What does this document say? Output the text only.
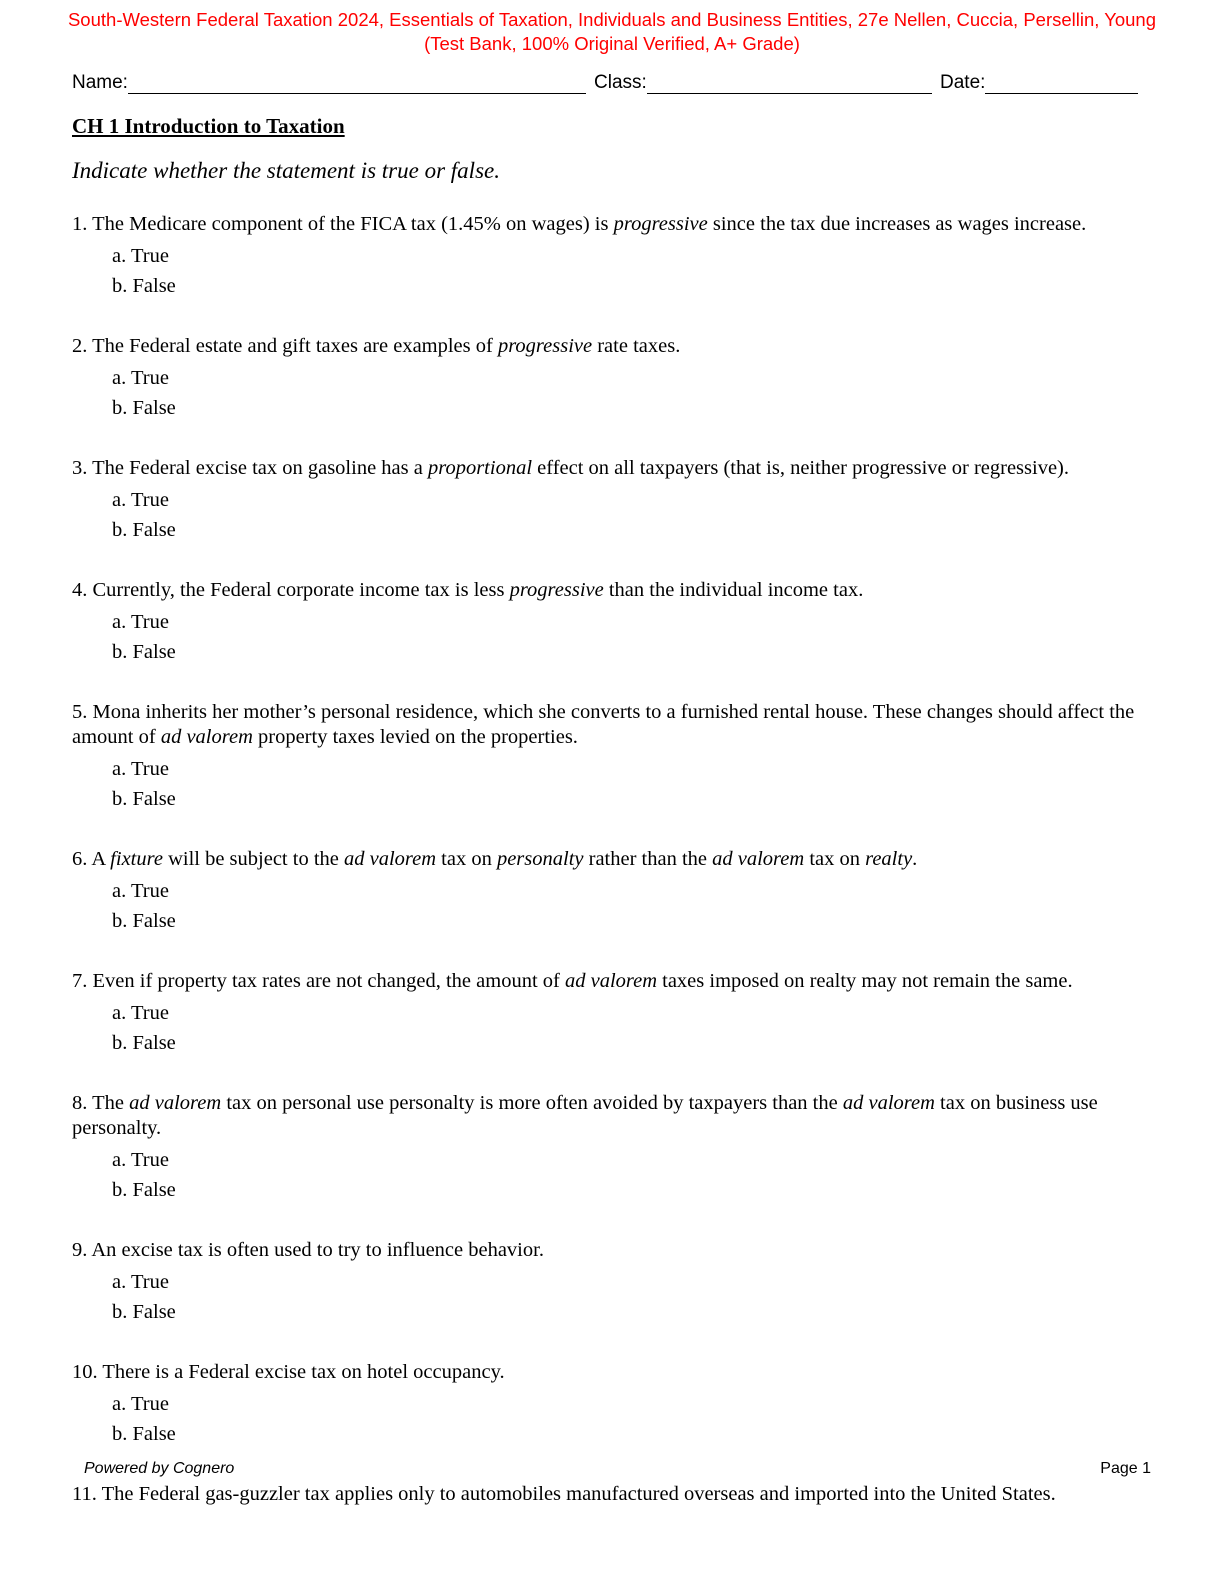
South-Western Federal Taxation 2024, Essentials of Taxation, Individuals and Business Entities, 27e Nellen, Cuccia, Persellin, Young
(Test Bank, 100% Original Verified, A+ Grade)
Name:	Class:	Date:
CH 1 Introduction to Taxation
Indicate whether the statement is true or false.
1. The Medicare component of the FICA tax (1.45% on wages) is progressive since the tax due increases as wages increase.
a. True
b. False
2. The Federal estate and gift taxes are examples of progressive rate taxes.
a. True
b. False
3. The Federal excise tax on gasoline has a proportional effect on all taxpayers (that is, neither progressive or regressive).
a. True
b. False
4. Currently, the Federal corporate income tax is less progressive than the individual income tax.
a. True
b. False
5. Mona inherits her mother’s personal residence, which she converts to a furnished rental house. These changes should affect the amount of ad valorem property taxes levied on the properties.
a. True
b. False
6. A fixture will be subject to the ad valorem tax on personalty rather than the ad valorem tax on realty.
a. True
b. False
7. Even if property tax rates are not changed, the amount of ad valorem taxes imposed on realty may not remain the same.
a. True
b. False
8. The ad valorem tax on personal use personalty is more often avoided by taxpayers than the ad valorem tax on business use personalty.
a. True
b. False
9. An excise tax is often used to try to influence behavior.
a. True
b. False
10. There is a Federal excise tax on hotel occupancy.
a. True
b. False
11. The Federal gas-guzzler tax applies only to automobiles manufactured overseas and imported into the United States.
Powered by Cognero	Page 1
